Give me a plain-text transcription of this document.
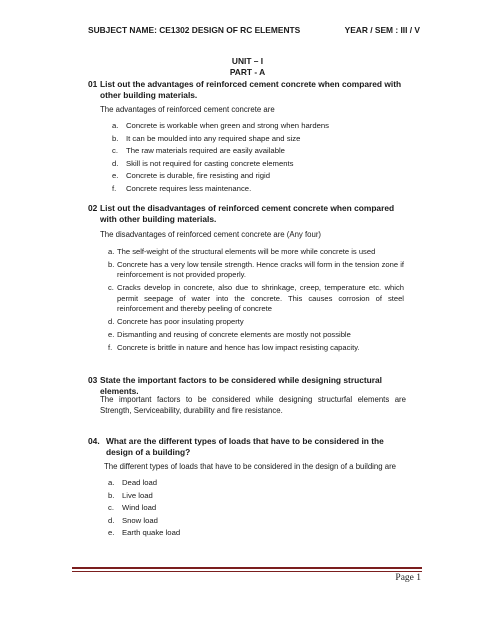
SUBJECT NAME: CE1302 DESIGN OF RC ELEMENTS	YEAR / SEM : III / V
UNIT – I
PART - A
01 List out the advantages of reinforced cement concrete when compared with other building materials.
The advantages of reinforced cement concrete are
a. Concrete is workable when green and strong when hardens
b. It can be moulded into any required shape and size
c. The raw materials required are easily available
d. Skill is not required for casting concrete elements
e. Concrete is durable, fire resisting and rigid
f. Concrete requires less maintenance.
02 List out the disadvantages of reinforced cement concrete when compared with other building materials.
The disadvantages of reinforced cement concrete are (Any four)
a. The self-weight of the structural elements will be more while concrete is used
b. Concrete has a very low tensile strength. Hence cracks will form in the tension zone if reinforcement is not provided properly.
c. Cracks develop in concrete, also due to shrinkage, creep, temperature etc. which permit seepage of water into the concrete. This causes corrosion of steel reinforcement and thereby peeling of concrete
d. Concrete has poor insulating property
e. Dismantling and reusing of concrete elements are mostly not possible
f. Concrete is brittle in nature and hence has low impact resisting capacity.
03 State the important factors to be considered while designing structural elements.
The important factors to be considered while designing structurfal elements are Strength, Serviceability, durability and fire resistance.
04. What are the different types of loads that have to be considered in the design of a building?
The different types of loads that have to be considered in the design of a building are
a. Dead load
b. Live load
c. Wind load
d. Snow load
e. Earth quake load
Page 1
